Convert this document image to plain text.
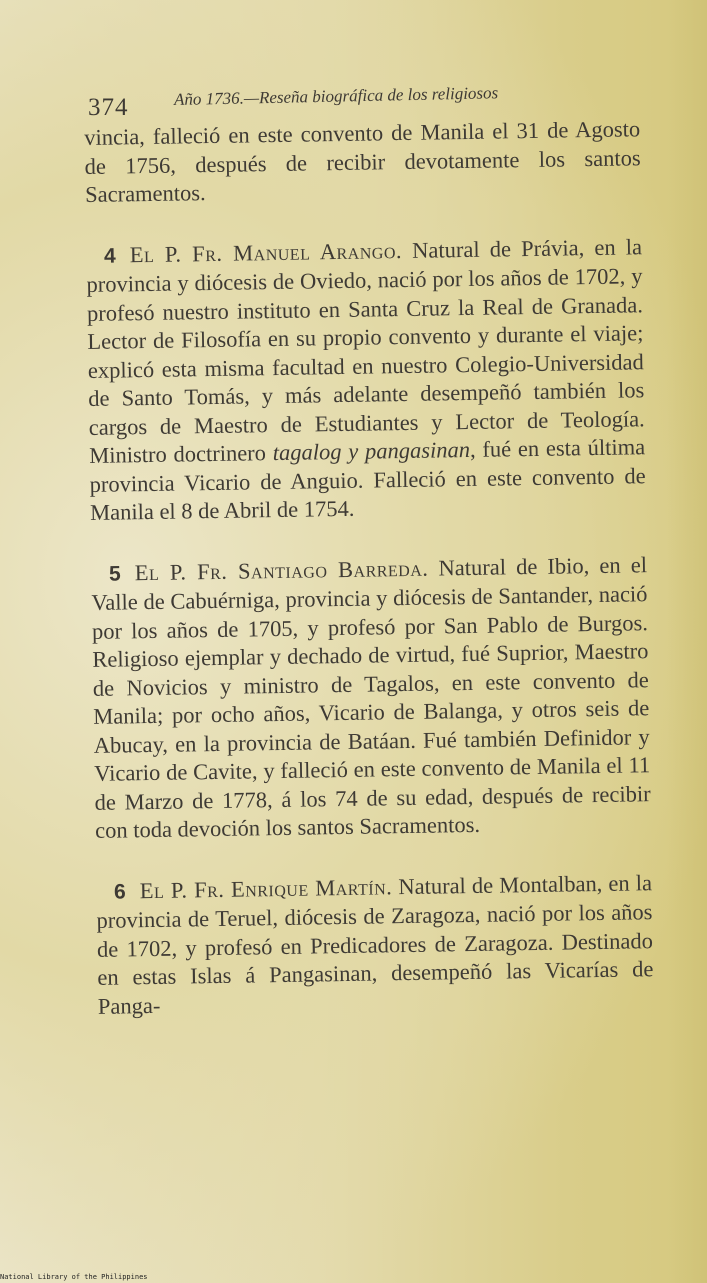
374	Año 1736.—Reseña biográfica de los religiosos

vincia, falleció en este convento de Manila el 31 de Agosto de 1756, después de recibir devotamente los santos Sacramentos.

4 El P. Fr. Manuel Arango. Natural de Právia, en la provincia y diócesis de Oviedo, nació por los años de 1702, y profesó nuestro instituto en Santa Cruz la Real de Granada. Lector de Filosofía en su propio convento y durante el viaje; explicó esta misma facultad en nuestro Colegio-Universidad de Santo Tomás, y más adelante desempeñó también los cargos de Maestro de Estudiantes y Lector de Teología. Ministro doctrinero tagalog y pangasinan, fué en esta última provincia Vicario de Anguio. Falleció en este convento de Manila el 8 de Abril de 1754.

5 El P. Fr. Santiago Barreda. Natural de Ibio, en el Valle de Cabuérniga, provincia y diócesis de Santander, nació por los años de 1705, y profesó por San Pablo de Burgos. Religioso ejemplar y dechado de virtud, fué Suprior, Maestro de Novicios y ministro de Tagalos, en este convento de Manila; por ocho años, Vicario de Balanga, y otros seis de Abucay, en la provincia de Batáan. Fué también Definidor y Vicario de Cavite, y falleció en este convento de Manila el 11 de Marzo de 1778, á los 74 de su edad, después de recibir con toda devoción los santos Sacramentos.

6 El P. Fr. Enrique Martín. Natural de Montalban, en la provincia de Teruel, diócesis de Zaragoza, nació por los años de 1702, y profesó en Predicadores de Zaragoza. Destinado en estas Islas á Pangasinan, desempeñó las Vicarías de Panga-

National Library of the Philippines
